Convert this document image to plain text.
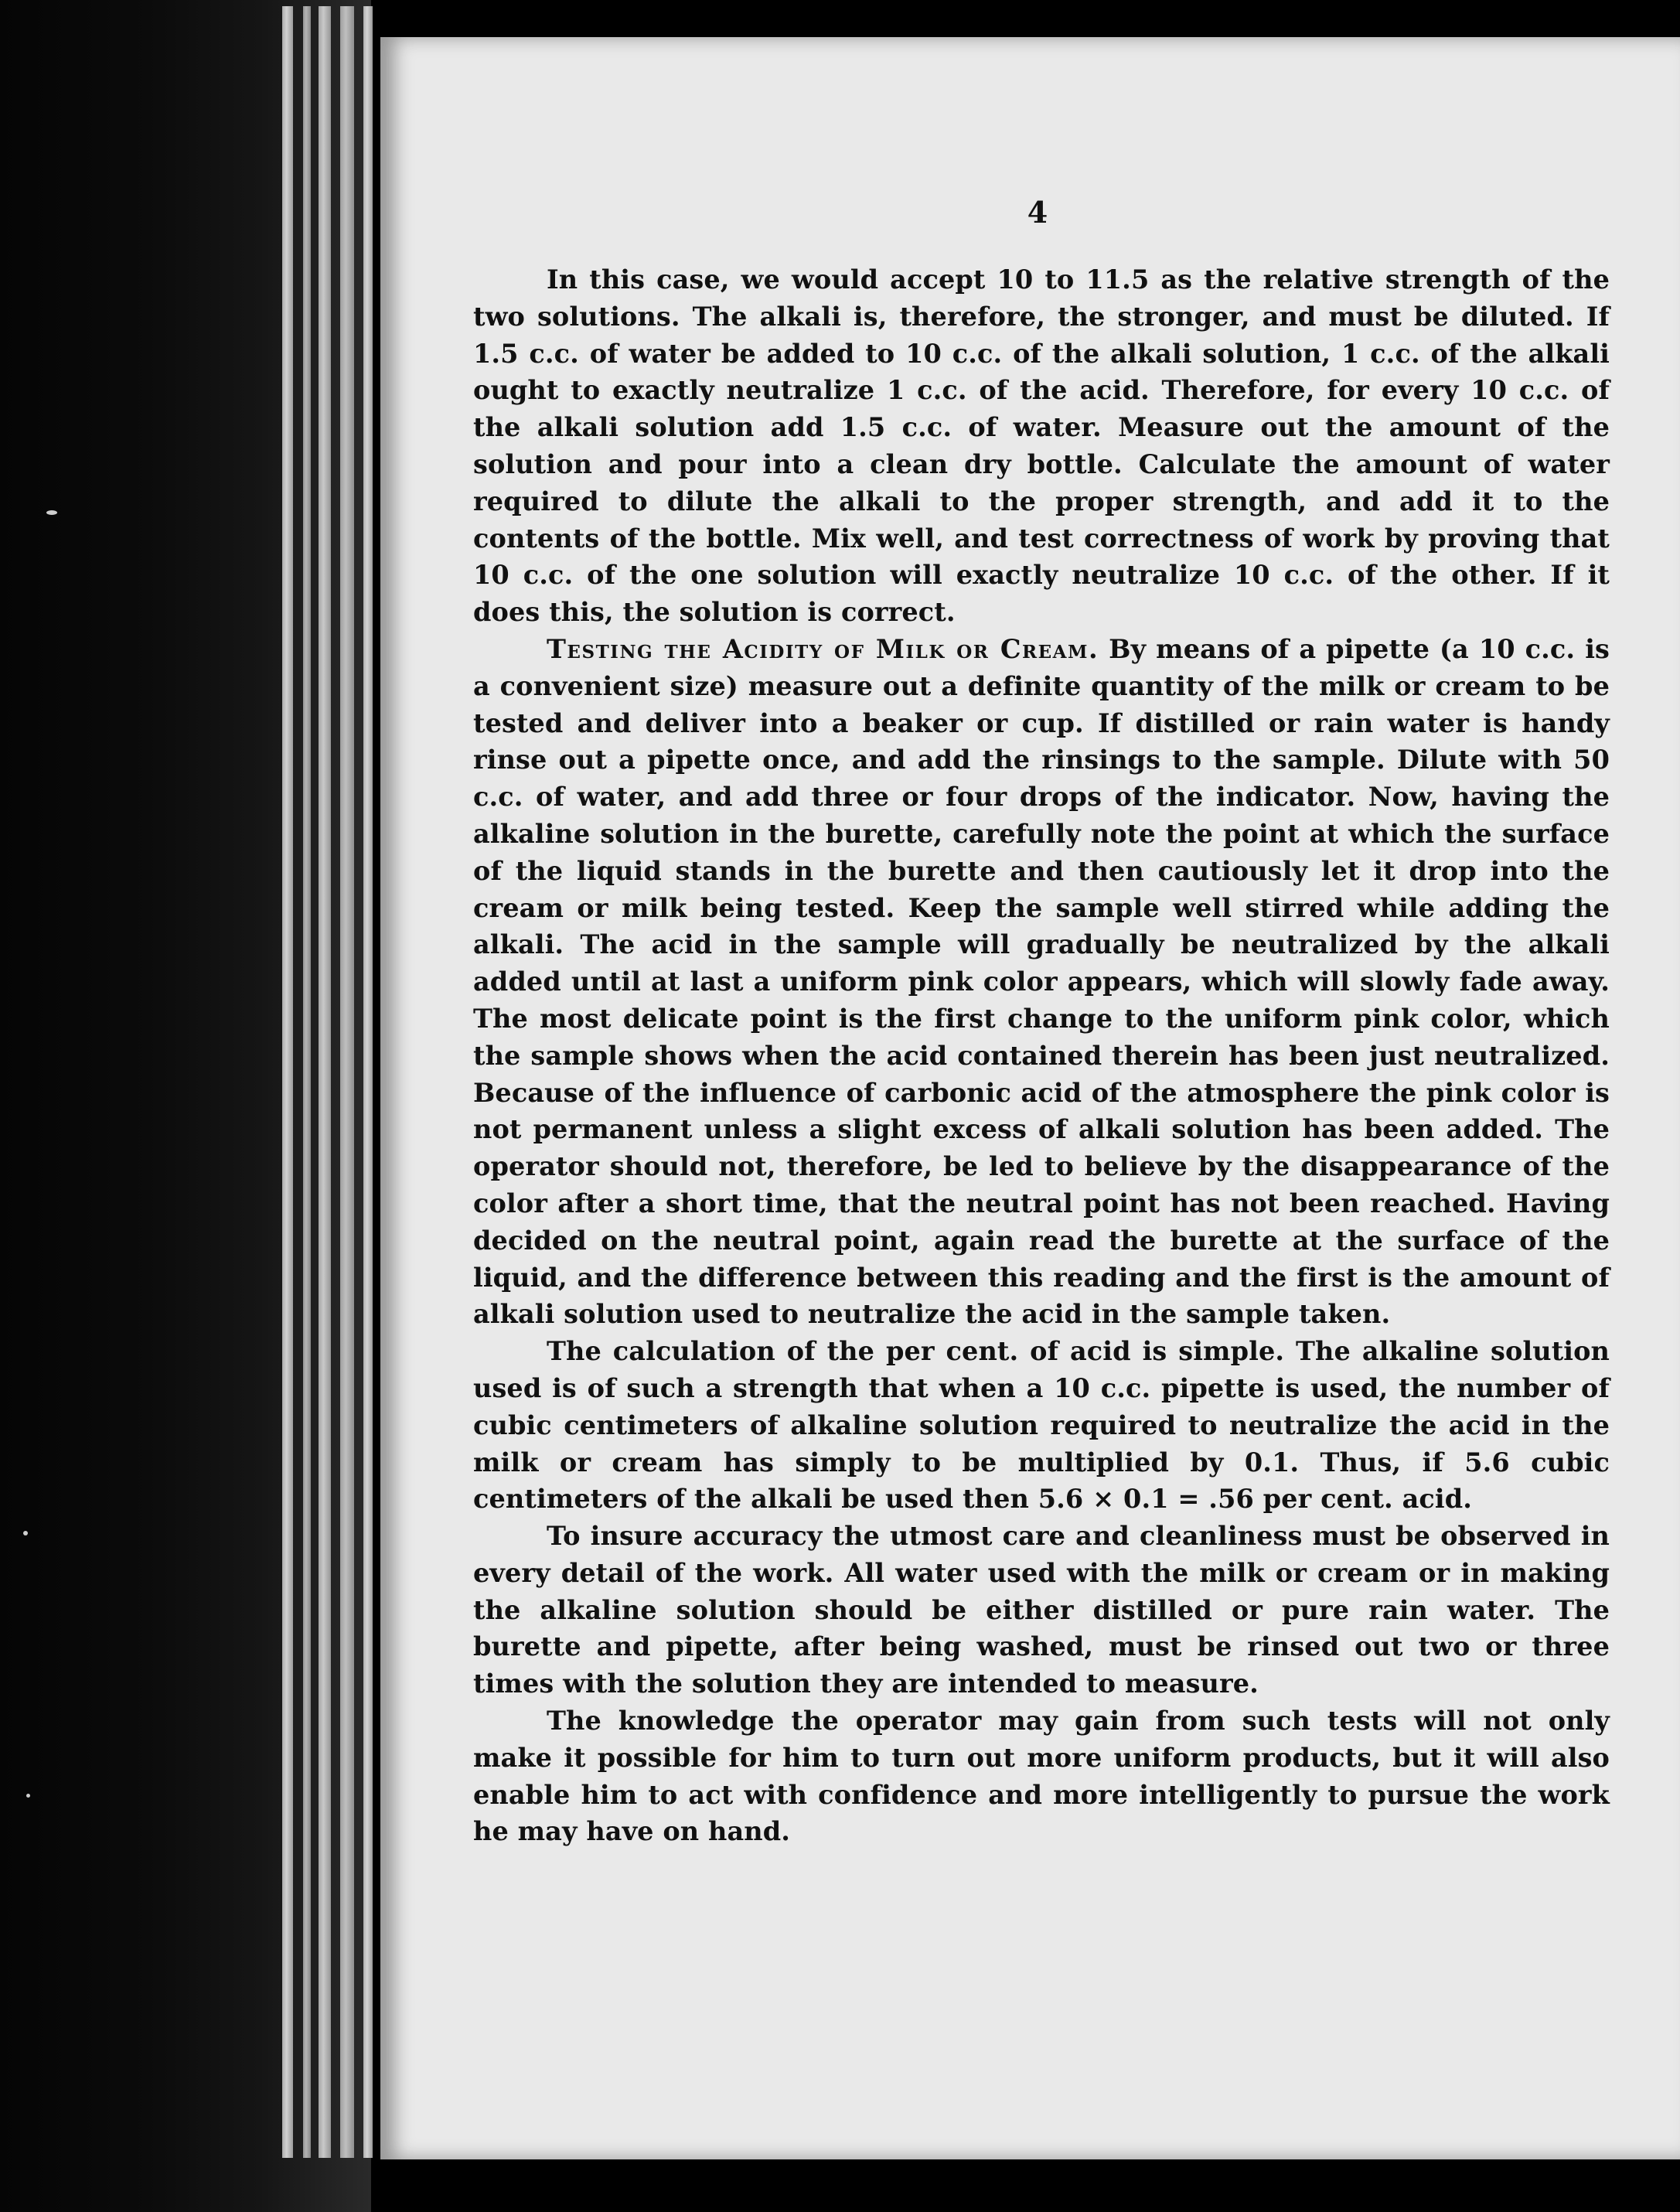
4

In this case, we would accept 10 to 11.5 as the relative strength of the two solutions. The alkali is, therefore, the stronger, and must be diluted. If 1.5 c.c. of water be added to 10 c.c. of the alkali solution, 1 c.c. of the alkali ought to exactly neutralize 1 c.c. of the acid. Therefore, for every 10 c.c. of the alkali solution add 1.5 c.c. of water. Measure out the amount of the solution and pour into a clean dry bottle. Calculate the amount of water required to dilute the alkali to the proper strength, and add it to the contents of the bottle. Mix well, and test correctness of work by proving that 10 c.c. of the one solution will exactly neutralize 10 c.c. of the other. If it does this, the solution is correct.

Testing the Acidity of Milk or Cream. By means of a pipette (a 10 c.c. is a convenient size) measure out a definite quantity of the milk or cream to be tested and deliver into a beaker or cup. If distilled or rain water is handy rinse out a pipette once, and add the rinsings to the sample. Dilute with 50 c.c. of water, and add three or four drops of the indicator. Now, having the alkaline solution in the burette, carefully note the point at which the surface of the liquid stands in the burette and then cautiously let it drop into the cream or milk being tested. Keep the sample well stirred while adding the alkali. The acid in the sample will gradually be neutralized by the alkali added until at last a uniform pink color appears, which will slowly fade away. The most delicate point is the first change to the uniform pink color, which the sample shows when the acid contained therein has been just neutralized. Because of the influence of carbonic acid of the atmosphere the pink color is not permanent unless a slight excess of alkali solution has been added. The operator should not, therefore, be led to believe by the disappearance of the color after a short time, that the neutral point has not been reached. Having decided on the neutral point, again read the burette at the surface of the liquid, and the difference between this reading and the first is the amount of alkali solution used to neutralize the acid in the sample taken.

The calculation of the per cent. of acid is simple. The alkaline solution used is of such a strength that when a 10 c.c. pipette is used, the number of cubic centimeters of alkaline solution required to neutralize the acid in the milk or cream has simply to be multiplied by 0.1. Thus, if 5.6 cubic centimeters of the alkali be used then 5.6 × 0.1 = .56 per cent. acid.

To insure accuracy the utmost care and cleanliness must be observed in every detail of the work. All water used with the milk or cream or in making the alkaline solution should be either distilled or pure rain water. The burette and pipette, after being washed, must be rinsed out two or three times with the solution they are intended to measure.

The knowledge the operator may gain from such tests will not only make it possible for him to turn out more uniform products, but it will also enable him to act with confidence and more intelligently to pursue the work he may have on hand.
